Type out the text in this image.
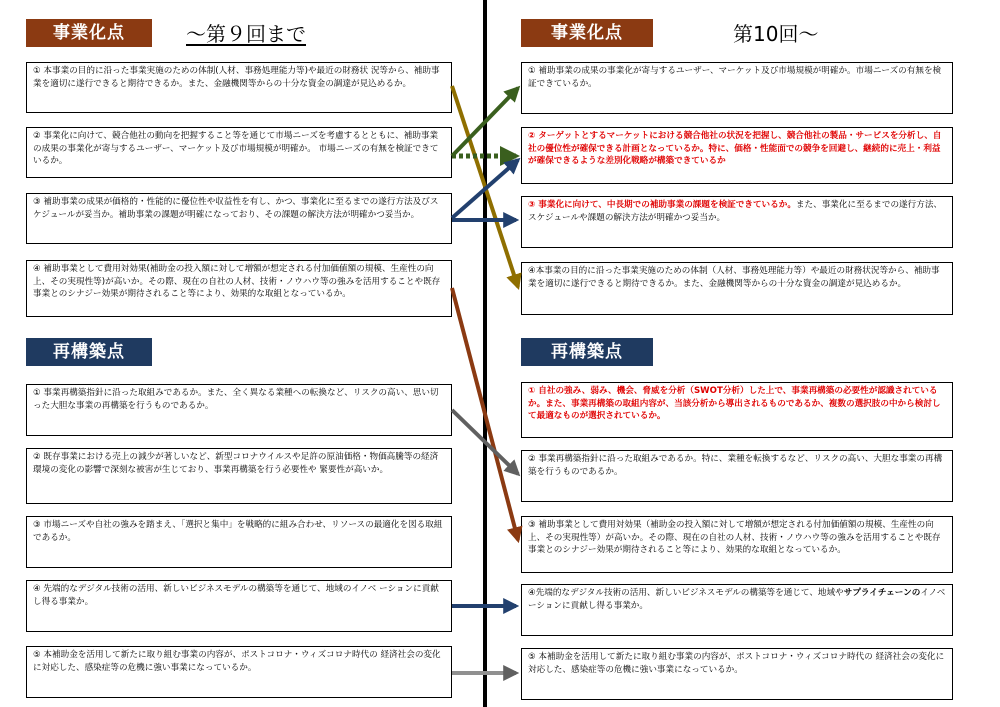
事業化点	～第９回まで
① 本事業の目的に沿った事業実施のための体制(人材、事務処理能力等)や最近の財務状 況等から、補助事業を適切に遂行できると期待できるか。また、金融機関等からの十分な資金の調達が見込めるか。
② 事業化に向けて、競合他社の動向を把握すること等を通じて市場ニーズを考慮するとともに、補助事業の成果の事業化が寄与するユーザー、マーケット及び市場規模が明確か。 市場ニーズの有無を検証できているか。
③ 補助事業の成果が価格的・性能的に優位性や収益性を有し、かつ、事業化に至るまでの遂行方法及びスケジュールが妥当か。補助事業の課題が明確になっており、その課題の解決方法が明確かつ妥当か。
④ 補助事業として費用対効果(補助金の投入額に対して増額が想定される付加価値額の規模、生産性の向上、その実現性等)が高いか。その際、現在の自社の人材、技術・ノウハウ等の強みを活用することや既存事業とのシナジー効果が期待されること等により、効果的な取組となっているか。
再構築点
① 事業再構築指針に沿った取組みであるか。また、全く異なる業種への転換など、リスクの高い、思い切った大胆な事業の再構築を行うものであるか。
② 既存事業における売上の減少が著しいなど、新型コロナウイルスや足許の原油価格・物価高騰等の経済環境の変化の影響で深刻な被害が生じており、事業再構築を行う必要性や 緊要性が高いか。
③ 市場ニーズや自社の強みを踏まえ、「選択と集中」を戦略的に組み合わせ、リソースの最適化を図る取組であるか。
④ 先端的なデジタル技術の活用、新しいビジネスモデルの構築等を通じて、地域のイノベ ーションに貢献し得る事業か。
⑤ 本補助金を活用して新たに取り組む事業の内容が、ポストコロナ・ウィズコロナ時代の 経済社会の変化に対応した、感染症等の危機に強い事業になっているか。
事業化点	第10回～
① 補助事業の成果の事業化が寄与するユーザー、マーケット及び市場規模が明確か。市場ニーズの有無を検証できているか。
② ターゲットとするマーケットにおける競合他社の状況を把握し、競合他社の製品・サービスを分析し、自社の優位性が確保できる計画となっているか。特に、価格・性能面での競争を回避し、継続的に売上・利益が確保できるような差別化戦略が構築できているか
③ 事業化に向けて、中長期での補助事業の課題を検証できているか。また、事業化に至るまでの遂行方法、スケジュールや課題の解決方法が明確かつ妥当か。
④本事業の目的に沿った事業実施のための体制（人材、事務処理能力等）や最近の財務状況等から、補助事業を適切に遂行できると期待できるか。また、金融機関等からの十分な資金の調達が見込めるか。
再構築点
① 自社の強み、弱み、機会、脅威を分析（SWOT分析）した上で、事業再構築の必要性が認識されているか。また、事業再構築の取組内容が、当該分析から導出されるものであるか、複数の選択肢の中から検討して最適なものが選択されているか。
② 事業再構築指針に沿った取組みであるか。特に、業種を転換するなど、リスクの高い、大胆な事業の再構築を行うものであるか。
③ 補助事業として費用対効果（補助金の投入額に対して増額が想定される付加価値額の規模、生産性の向上、その実現性等）が高いか。その際、現在の自社の人材、技術・ノウハウ等の強みを活用することや既存事業とのシナジー効果が期待されること等により、効果的な取組となっているか。
④先端的なデジタル技術の活用、新しいビジネスモデルの構築等を通じて、地域やサプライチェーンのイノベーションに貢献し得る事業か。
⑤ 本補助金を活用して新たに取り組む事業の内容が、ポストコロナ・ウィズコロナ時代の 経済社会の変化に対応した、感染症等の危機に強い事業になっているか。
